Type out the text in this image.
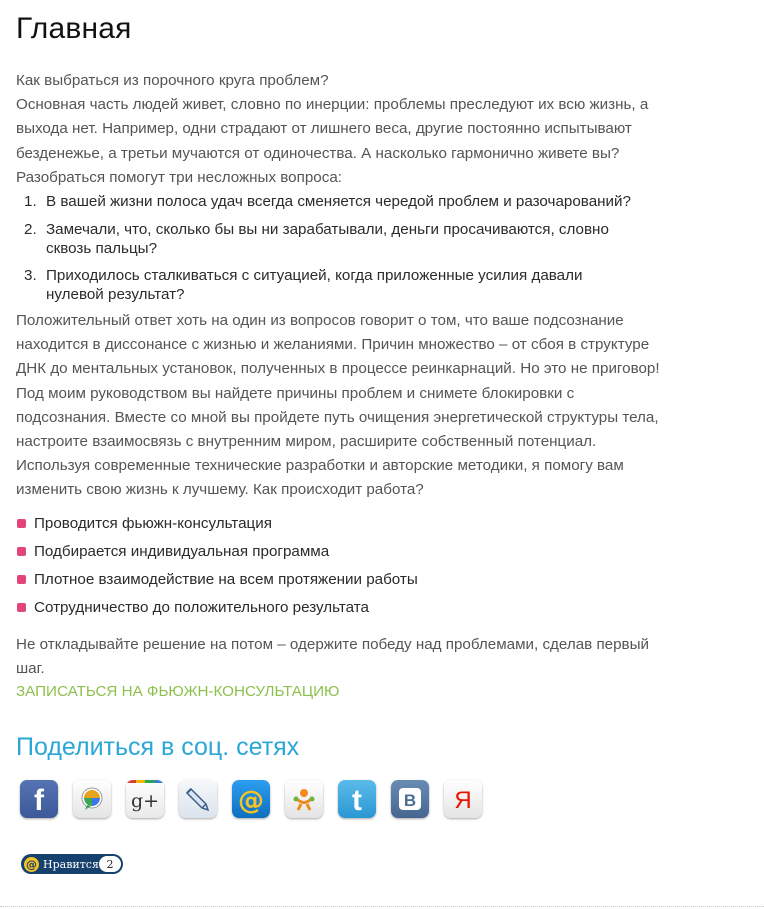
Главная
Как выбраться из порочного круга проблем?
Основная часть людей живет, словно по инерции: проблемы преследуют их всю жизнь, а
выхода нет. Например, одни страдают от лишнего веса, другие постоянно испытывают
безденежье, а третьи мучаются от одиночества. А насколько гармонично живете вы?
Разобраться помогут три несложных вопроса:
1. В вашей жизни полоса удач всегда сменяется чередой проблем и разочарований?
2. Замечали, что, сколько бы вы ни зарабатывали, деньги просачиваются, словно
сквозь пальцы?
3. Приходилось сталкиваться с ситуацией, когда приложенные усилия давали
нулевой результат?
Положительный ответ хоть на один из вопросов говорит о том, что ваше подсознание
находится в диссонансе с жизнью и желаниями. Причин множество – от сбоя в структуре
ДНК до ментальных установок, полученных в процессе реинкарнаций. Но это не приговор!
Под моим руководством вы найдете причины проблем и снимете блокировки с
подсознания. Вместе со мной вы пройдете путь очищения энергетической структуры тела,
настроите взаимосвязь с внутренним миром, расширите собственный потенциал.
Используя современные технические разработки и авторские методики, я помогу вам
изменить свою жизнь к лучшему. Как происходит работа?
Проводится фьюжн-консультация
Подбирается индивидуальная программа
Плотное взаимодействие на всем протяжении работы
Сотрудничество до положительного результата
Не откладывайте решение на потом – одержите победу над проблемами, сделав первый
шаг.
ЗАПИСАТЬСЯ НА ФЬЮЖН-КОНСУЛЬТАЦИЮ
Поделиться в соц. сетях
f	g+	@	t B Я
@ Нравится 2
